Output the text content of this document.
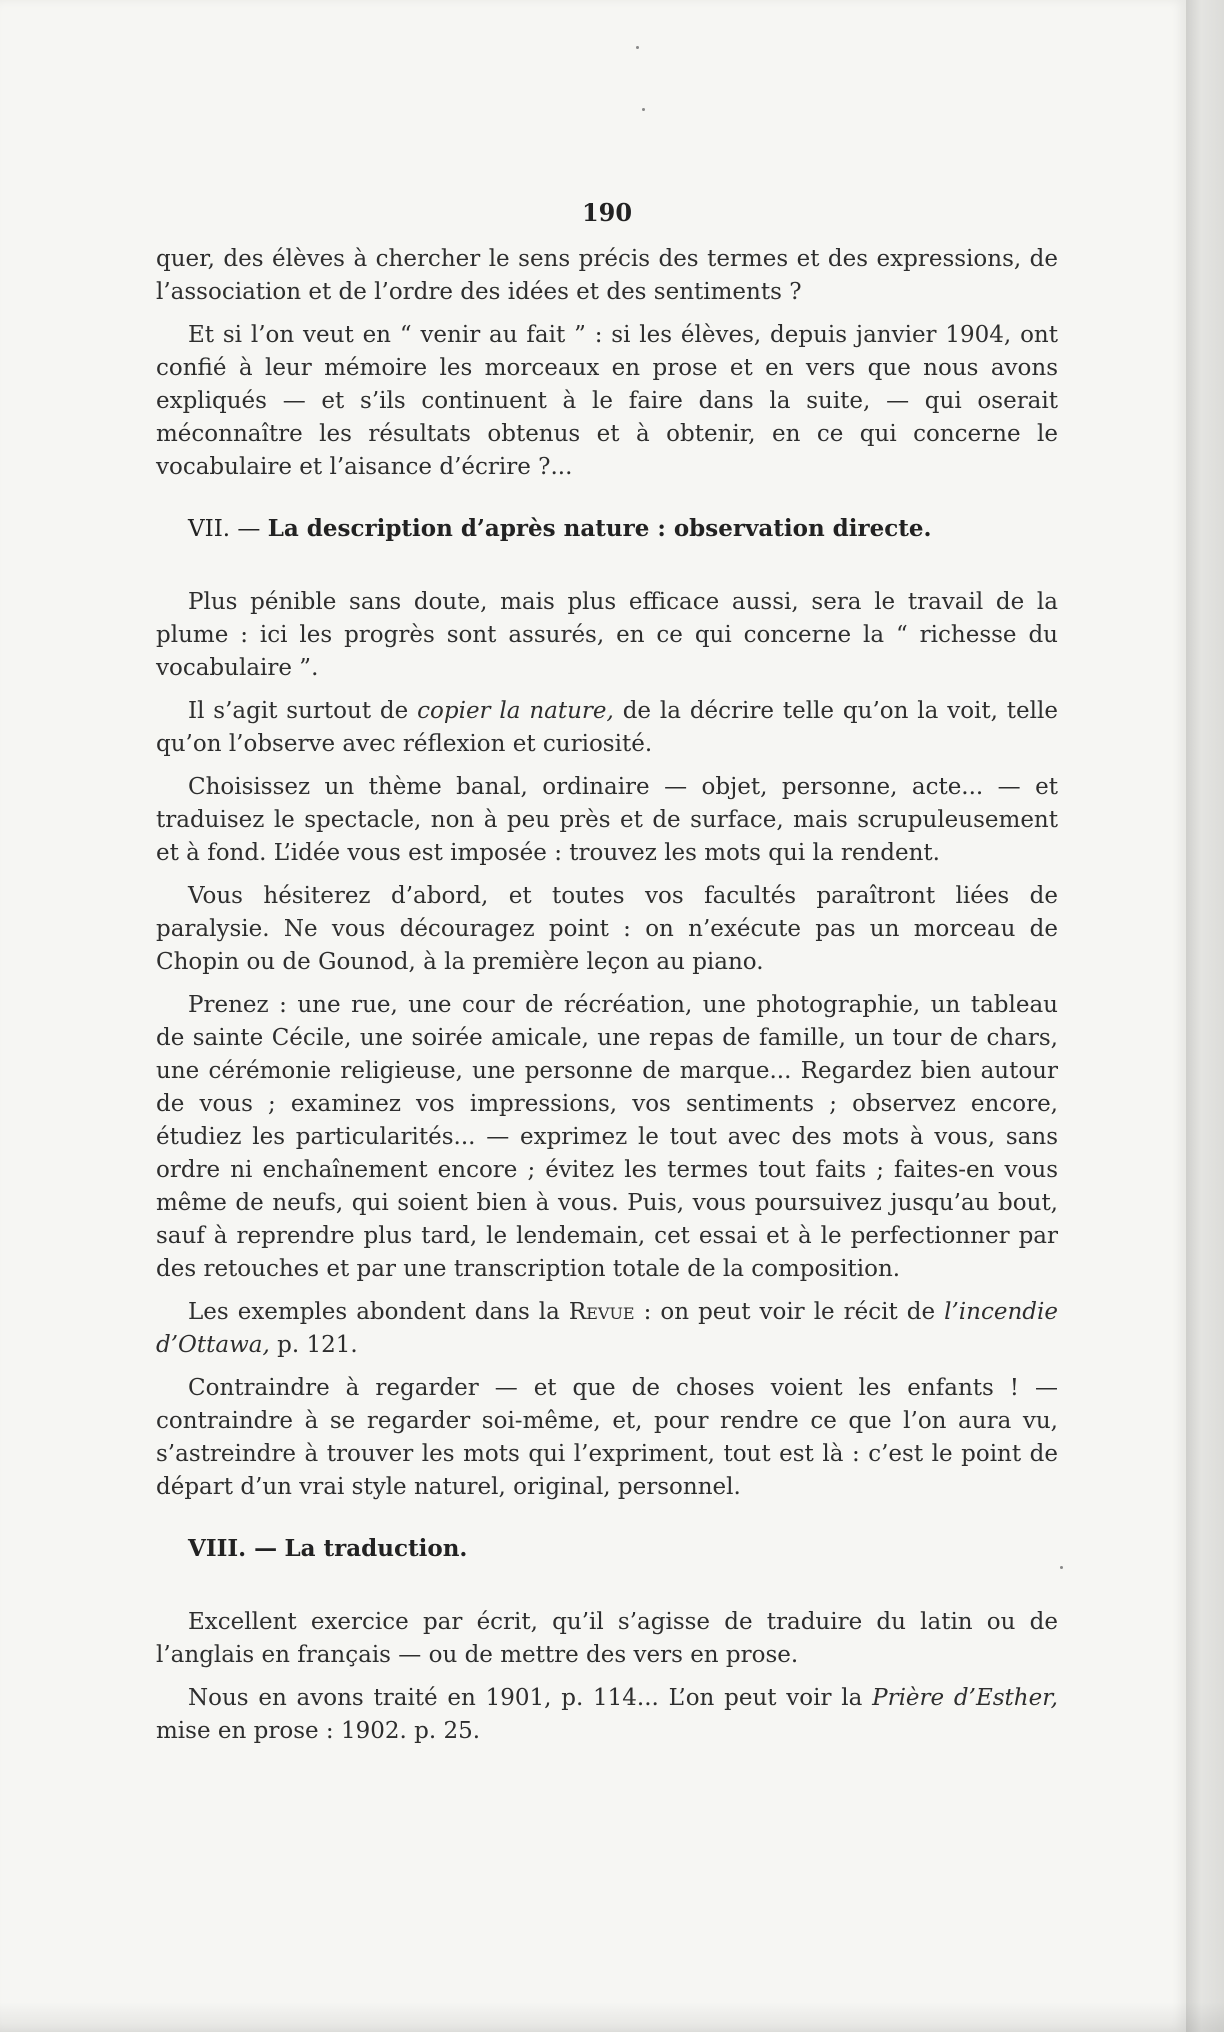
190

quer, des élèves à chercher le sens précis des termes et des expressions, de l’association et de l’ordre des idées et des sentiments ?

Et si l’on veut en “ venir au fait ” : si les élèves, depuis janvier 1904, ont confié à leur mémoire les morceaux en prose et en vers que nous avons expliqués — et s’ils continuent à le faire dans la suite, — qui oserait méconnaître les résultats obtenus et à obtenir, en ce qui concerne le vocabulaire et l’aisance d’écrire ?...

VII. — La description d’après nature : observation directe.

Plus pénible sans doute, mais plus efficace aussi, sera le travail de la plume : ici les progrès sont assurés, en ce qui concerne la “ richesse du vocabulaire ”.

Il s’agit surtout de copier la nature, de la décrire telle qu’on la voit, telle qu’on l’observe avec réflexion et curiosité.

Choisissez un thème banal, ordinaire — objet, personne, acte... — et traduisez le spectacle, non à peu près et de surface, mais scrupuleusement et à fond. L’idée vous est imposée : trouvez les mots qui la rendent.

Vous hésiterez d’abord, et toutes vos facultés paraîtront liées de paralysie. Ne vous découragez point : on n’exécute pas un morceau de Chopin ou de Gounod, à la première leçon au piano.

Prenez : une rue, une cour de récréation, une photographie, un tableau de sainte Cécile, une soirée amicale, une repas de famille, un tour de chars, une cérémonie religieuse, une personne de marque... Regardez bien autour de vous ; examinez vos impressions, vos sentiments ; observez encore, étudiez les particularités... — exprimez le tout avec des mots à vous, sans ordre ni enchaînement encore ; évitez les termes tout faits ; faites-en vous même de neufs, qui soient bien à vous. Puis, vous poursuivez jusqu’au bout, sauf à reprendre plus tard, le lendemain, cet essai et à le perfectionner par des retouches et par une transcription totale de la composition.

Les exemples abondent dans la Revue : on peut voir le récit de l’incendie d’Ottawa, p. 121.

Contraindre à regarder — et que de choses voient les enfants ! — contraindre à se regarder soi-même, et, pour rendre ce que l’on aura vu, s’astreindre à trouver les mots qui l’expriment, tout est là : c’est le point de départ d’un vrai style naturel, original, personnel.

VIII. — La traduction.

Excellent exercice par écrit, qu’il s’agisse de traduire du latin ou de l’anglais en français — ou de mettre des vers en prose.

Nous en avons traité en 1901, p. 114... L’on peut voir la Prière d’Esther, mise en prose : 1902. p. 25.
